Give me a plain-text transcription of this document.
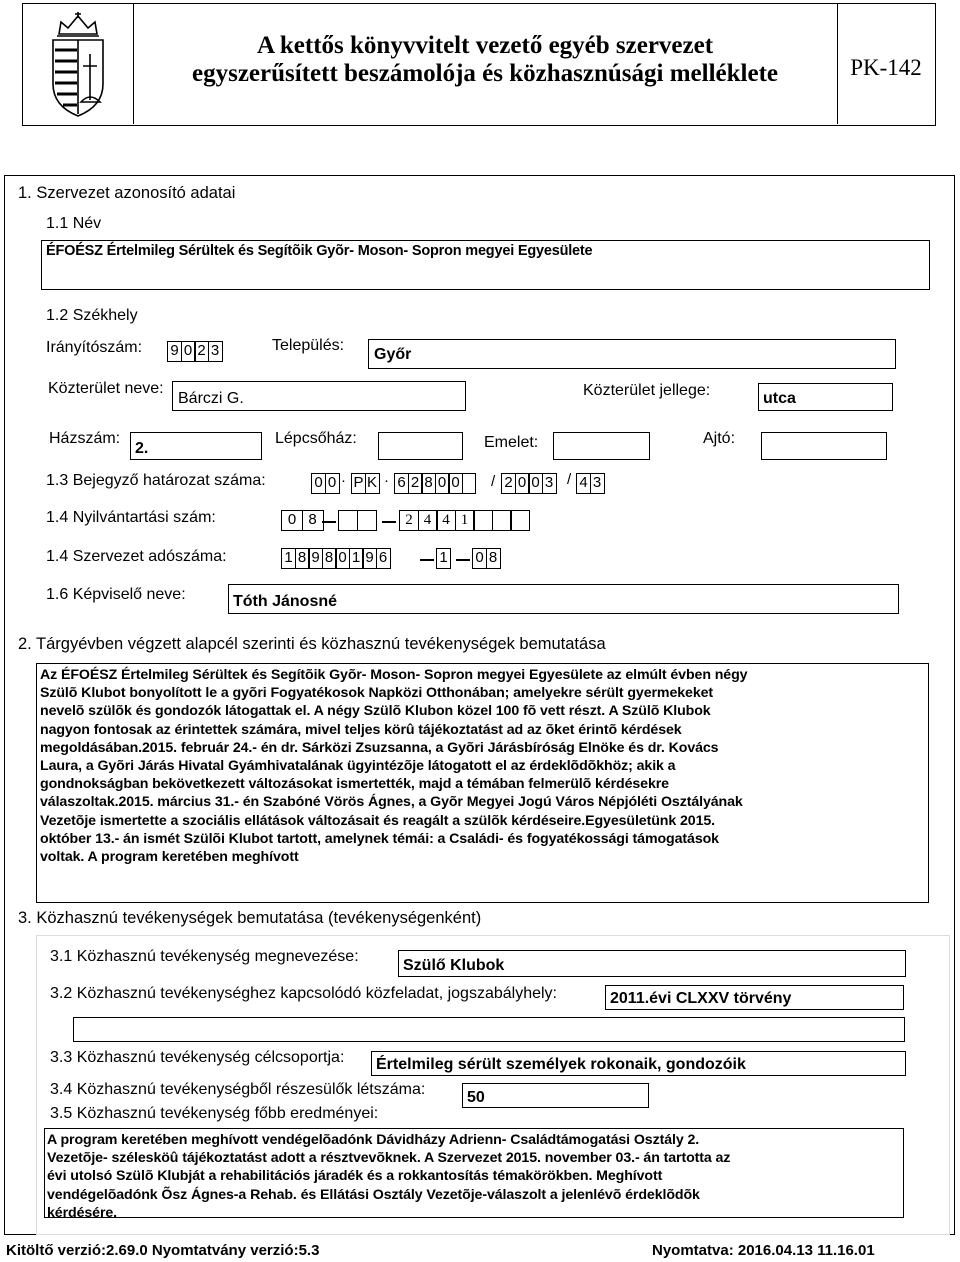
A kettős könyvvitelt vezető egyéb szervezet
egyszerűsített beszámolója és közhasznúsági melléklete	PK-142
1. Szervezet azonosító adatai
1.1 Név
ÉFOÉSZ Értelmileg Sérültek és Segítõik Gyõr- Moson- Sopron megyei Egyesülete
1.2 Székhely
Irányítószám: 9 0 2 3	Település:
Győr
Közterület neve:
Bárczi G.	Közterület jellege:	utca
Házszám:
2.
Lépcsőház:	Emelet:	Ajtó:
1.3 Bejegyző határozat száma:	0 0 · P K · 6 2 8 0 0 / 2 0 0 3 / 4 3
1.4 Nyilvántartási szám:	0 8	2 4 4 1
1.4 Szervezet adószáma:	1 8 9 8 0 1 9 6	1 0 8
1.6 Képviselő neve:	Tóth Jánosné
2. Tárgyévben végzett alapcél szerinti és közhasznú tevékenységek bemutatása
Az ÉFOÉSZ Értelmileg Sérültek és Segítõik Gyõr- Moson- Sopron megyei Egyesülete az elmúlt évben négy
Szülõ Klubot bonyolított le a gyõri Fogyatékosok Napközi Otthonában; amelyekre sérült gyermekeket
nevelõ szülõk és gondozók látogattak el. A négy Szülõ Klubon közel 100 fõ vett részt. A Szülõ Klubok
nagyon fontosak az érintettek számára, mivel teljes körû tájékoztatást ad az õket érintõ kérdések
megoldásában.2015. február 24.- én dr. Sárközi Zsuzsanna, a Gyõri Járásbíróság Elnöke és dr. Kovács
Laura, a Gyõri Járás Hivatal Gyámhivatalának ügyintézõje látogatott el az érdeklõdõkhöz; akik a
gondnokságban bekövetkezett változásokat ismertették, majd a témában felmerülõ kérdésekre
válaszoltak.2015. március 31.- én Szabóné Vörös Ágnes, a Gyõr Megyei Jogú Város Népjóléti Osztályának
Vezetõje ismertette a szociális ellátások változásait és reagált a szülõk kérdéseire.Egyesületünk 2015.
október 13.- án ismét Szülõi Klubot tartott, amelynek témái: a Családi- és fogyatékossági támogatások
voltak. A program keretében meghívott
3. Közhasznú tevékenységek bemutatása (tevékenységenként)
3.1 Közhasznú tevékenység megnevezése:
Szülő Klubok
3.2 Közhasznú tevékenységhez kapcsolódó közfeladat, jogszabályhely:	2011.évi CLXXV törvény
3.3 Közhasznú tevékenység célcsoportja: Értelmileg sérült személyek rokonaik, gondozóik
3.4 Közhasznú tevékenységből részesülők létszáma:	50
3.5 Közhasznú tevékenység főbb eredményei:
A program keretében meghívott vendégelõadónk Dávidházy Adrienn- Családtámogatási Osztály 2.
Vezetõje- szélesköû tájékoztatást adott a résztvevõknek. A Szervezet 2015. november 03.- án tartotta az
évi utolsó Szülõ Klubját a rehabilitációs járadék és a rokkantosítás témakörökben. Meghívott
vendégelõadónk Õsz Ágnes-a Rehab. és Ellátási Osztály Vezetõje-válaszolt a jelenlévõ érdeklõdõk
kérdésére.
Kitöltő verzió:2.69.0 Nyomtatvány verzió:5.3	Nyomtatva: 2016.04.13 11.16.01
